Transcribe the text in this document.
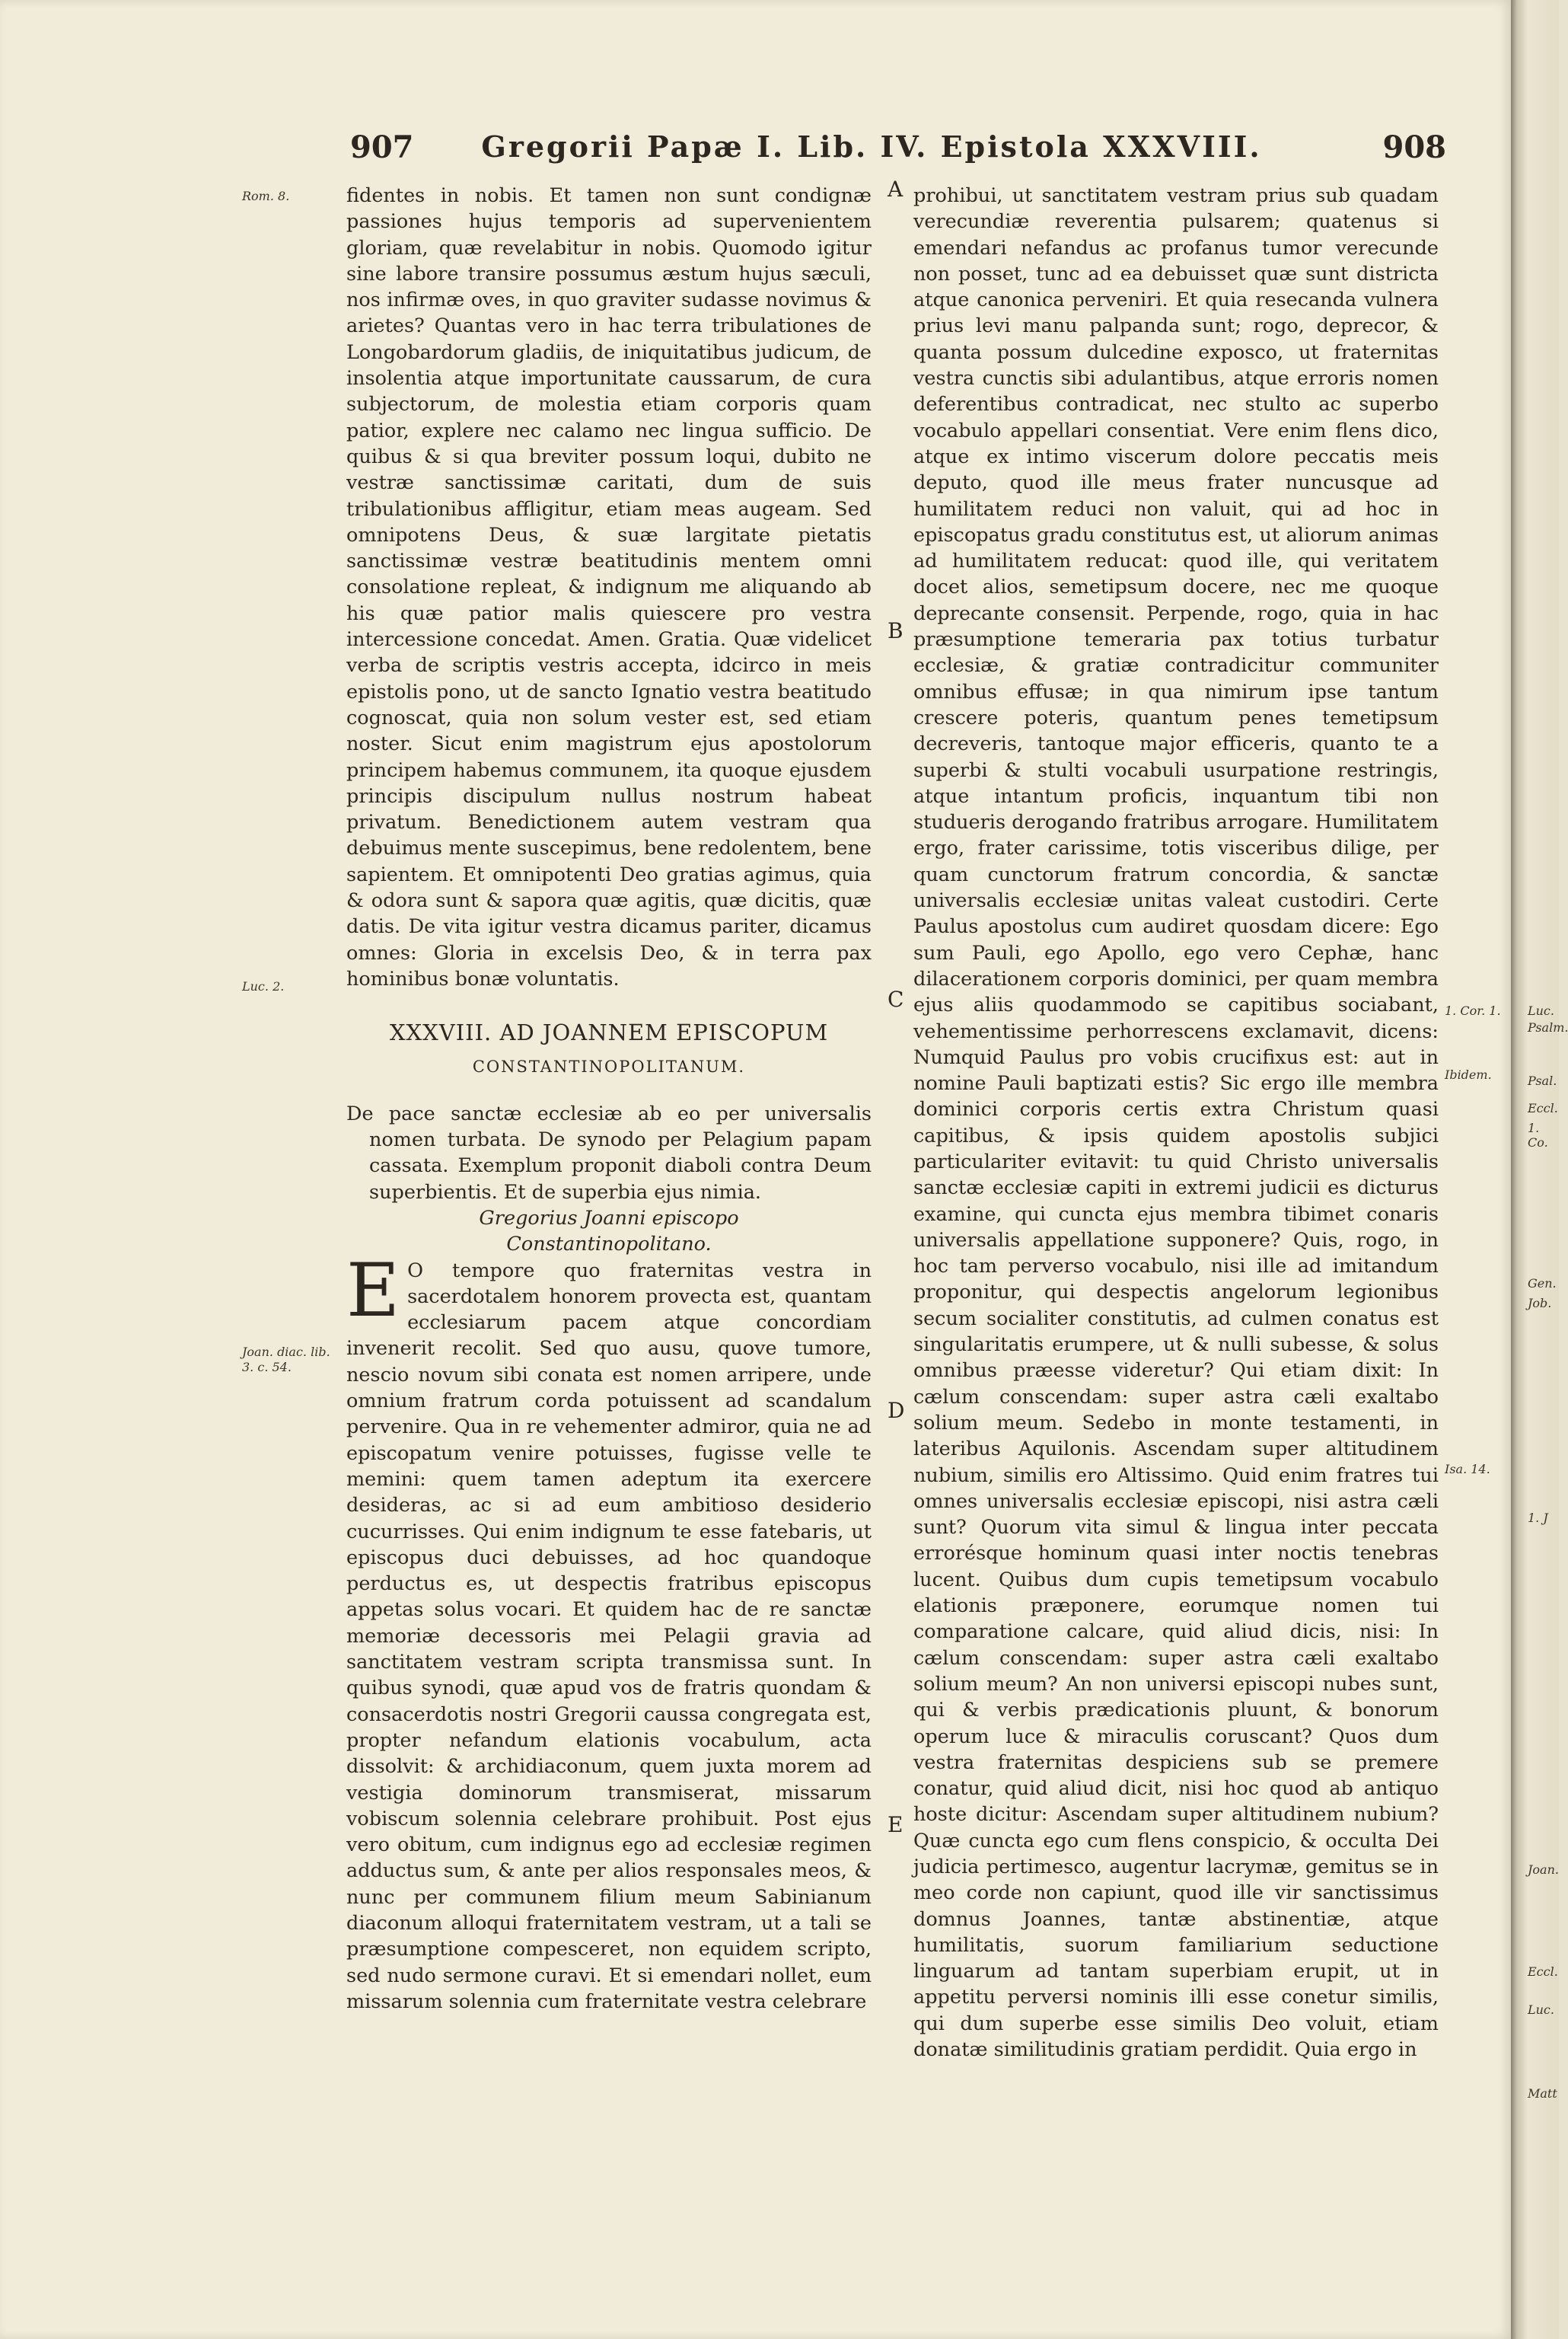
907 Gregorii Papæ I. Lib. IV. Epistola XXXVIII.	908

fidentes in nobis. Et tamen non sunt condignæ passiones hujus temporis ad supervenientem gloriam, quæ revelabitur in nobis. Quomodo igitur sine labore transire possumus æstum hujus sæculi, nos infirmæ oves, in quo graviter sudasse novimus & arietes? Quantas vero in hac terra tribulationes de Longobardorum gladiis, de iniquitatibus judicum, de insolentia atque importunitate caussarum, de cura subjectorum, de molestia etiam corporis quam patior, explere nec calamo nec lingua sufficio. De quibus & si qua breviter possum loqui, dubito ne vestræ sanctissimæ caritati, dum de suis tribulationibus affligitur, etiam meas augeam. Sed omnipotens Deus, & suæ largitate pietatis sanctissimæ vestræ beatitudinis mentem omni consolatione repleat, & indignum me aliquando ab his quæ patior malis quiescere pro vestra intercessione concedat. Amen. Gratia. Quæ videlicet verba de scriptis vestris accepta, idcirco in meis epistolis pono, ut de sancto Ignatio vestra beatitudo cognoscat, quia non solum vester est, sed etiam noster. Sicut enim magistrum ejus apostolorum principem habemus communem, ita quoque ejusdem principis discipulum nullus nostrum habeat privatum. Benedictionem autem vestram qua debuimus mente suscepimus, bene redolentem, bene sapientem. Et omnipotenti Deo gratias agimus, quia & odora sunt & sapora quæ agitis, quæ dicitis, quæ datis. De vita igitur vestra dicamus pariter, dicamus omnes: Gloria in excelsis Deo, & in terra pax hominibus bonæ voluntatis.

XXXVIII. AD JOANNEM EPISCOPUM
CONSTANTINOPOLITANUM.

De pace sanctæ ecclesiæ ab eo per universalis nomen turbata. De synodo per Pelagium papam cassata. Exemplum proponit diaboli contra Deum superbientis. Et de superbia ejus nimia.

Gregorius Joanni episcopo Constantinopolitano.

E O tempore quo fraternitas vestra in sacerdotalem honorem provecta est, quantam ecclesiarum pacem atque concordiam invenerit recolit. Sed quo ausu, quove tumore, nescio novum sibi conata est nomen arripere, unde omnium fratrum corda potuissent ad scandalum pervenire. Qua in re vehementer admiror, quia ne ad episcopatum venire potuisses, fugisse velle te memini: quem tamen adeptum ita exercere desideras, ac si ad eum ambitioso desiderio cucurrisses. Qui enim indignum te esse fatebaris, ut episcopus duci debuisses, ad hoc quandoque perductus es, ut despectis fratribus episcopus appetas solus vocari. Et quidem hac de re sanctæ memoriæ decessoris mei Pelagii gravia ad sanctitatem vestram scripta transmissa sunt. In quibus synodi, quæ apud vos de fratris quondam & consacerdotis nostri Gregorii caussa congregata est, propter nefandum elationis vocabulum, acta dissolvit: & archidiaconum, quem juxta morem ad vestigia dominorum transmiserat, missarum vobiscum solennia celebrare prohibuit. Post ejus vero obitum, cum indignus ego ad ecclesiæ regimen adductus sum, & ante per alios responsales meos, & nunc per communem filium meum Sabinianum diaconum alloqui fraternitatem vestram, ut a tali se præsumptione compesceret, non equidem scripto, sed nudo sermone curavi. Et si emendari nollet, eum missarum solennia cum fraternitate vestra celebrare

prohibui, ut sanctitatem vestram prius sub quadam verecundiæ reverentia pulsarem; quatenus si emendari nefandus ac profanus tumor verecunde non posset, tunc ad ea debuisset quæ sunt districta atque canonica perveniri. Et quia resecanda vulnera prius levi manu palpanda sunt; rogo, deprecor, & quanta possum dulcedine exposco, ut fraternitas vestra cunctis sibi adulantibus, atque erroris nomen deferentibus contradicat, nec stulto ac superbo vocabulo appellari consentiat. Vere enim flens dico, atque ex intimo viscerum dolore peccatis meis deputo, quod ille meus frater nuncusque ad humilitatem reduci non valuit, qui ad hoc in episcopatus gradu constitutus est, ut aliorum animas ad humilitatem reducat: quod ille, qui veritatem docet alios, semetipsum docere, nec me quoque deprecante consensit. Perpende, rogo, quia in hac præsumptione temeraria pax totius turbatur ecclesiæ, & gratiæ contradicitur communiter omnibus effusæ; in qua nimirum ipse tantum crescere poteris, quantum penes temetipsum decreveris, tantoque major efficeris, quanto te a superbi & stulti vocabuli usurpatione restringis, atque intantum proficis, inquantum tibi non studueris derogando fratribus arrogare. Humilitatem ergo, frater carissime, totis visceribus dilige, per quam cunctorum fratrum concordia, & sanctæ universalis ecclesiæ unitas valeat custodiri. Certe Paulus apostolus cum audiret quosdam dicere: Ego sum Pauli, ego Apollo, ego vero Cephæ, hanc dilacerationem corporis dominici, per quam membra ejus aliis quodammodo se capitibus sociabant, vehementissime perhorrescens exclamavit, dicens: Numquid Paulus pro vobis crucifixus est: aut in nomine Pauli baptizati estis? Sic ergo ille membra dominici corporis certis extra Christum quasi capitibus, & ipsis quidem apostolis subjici particulariter evitavit: tu quid Christo universalis sanctæ ecclesiæ capiti in extremi judicii es dicturus examine, qui cuncta ejus membra tibimet conaris universalis appellatione supponere? Quis, rogo, in hoc tam perverso vocabulo, nisi ille ad imitandum proponitur, qui despectis angelorum legionibus secum socialiter constitutis, ad culmen conatus est singularitatis erumpere, ut & nulli subesse, & solus omnibus præesse videretur? Qui etiam dixit: In cælum conscendam: super astra cæli exaltabo solium meum. Sedebo in monte testamenti, in lateribus Aquilonis. Ascendam super altitudinem nubium, similis ero Altissimo. Quid enim fratres tui omnes universalis ecclesiæ episcopi, nisi astra cæli sunt? Quorum vita simul & lingua inter peccata errorésque hominum quasi inter noctis tenebras lucent. Quibus dum cupis temetipsum vocabulo elationis præponere, eorumque nomen tui comparatione calcare, quid aliud dicis, nisi: In cælum conscendam: super astra cæli exaltabo solium meum? An non universi episcopi nubes sunt, qui & verbis prædicationis pluunt, & bonorum operum luce & miraculis coruscant? Quos dum vestra fraternitas despiciens sub se premere conatur, quid aliud dicit, nisi hoc quod ab antiquo hoste dicitur: Ascendam super altitudinem nubium? Quæ cuncta ego cum flens conspicio, & occulta Dei judicia pertimesco, augentur lacrymæ, gemitus se in meo corde non capiunt, quod ille vir sanctissimus domnus Joannes, tantæ abstinentiæ, atque humilitatis, suorum familiarium seductione linguarum ad tantam superbiam erupit, ut in appetitu perversi nominis illi esse conetur similis, qui dum superbe esse similis Deo voluit, etiam donatæ similitudinis gratiam perdidit. Quia ergo in

A
B
C
D
E
Rom. 8.
Luc. 2.
Joan. diac. lib. 3. c. 54.
1. Cor. 1.
Ibidem.
Isa. 14.
Luc.
Psalm.
Psal.
Eccl.
1. Co.
Gen.
Job.
1. J
Joan.
Eccl.
Luc.
Matt
